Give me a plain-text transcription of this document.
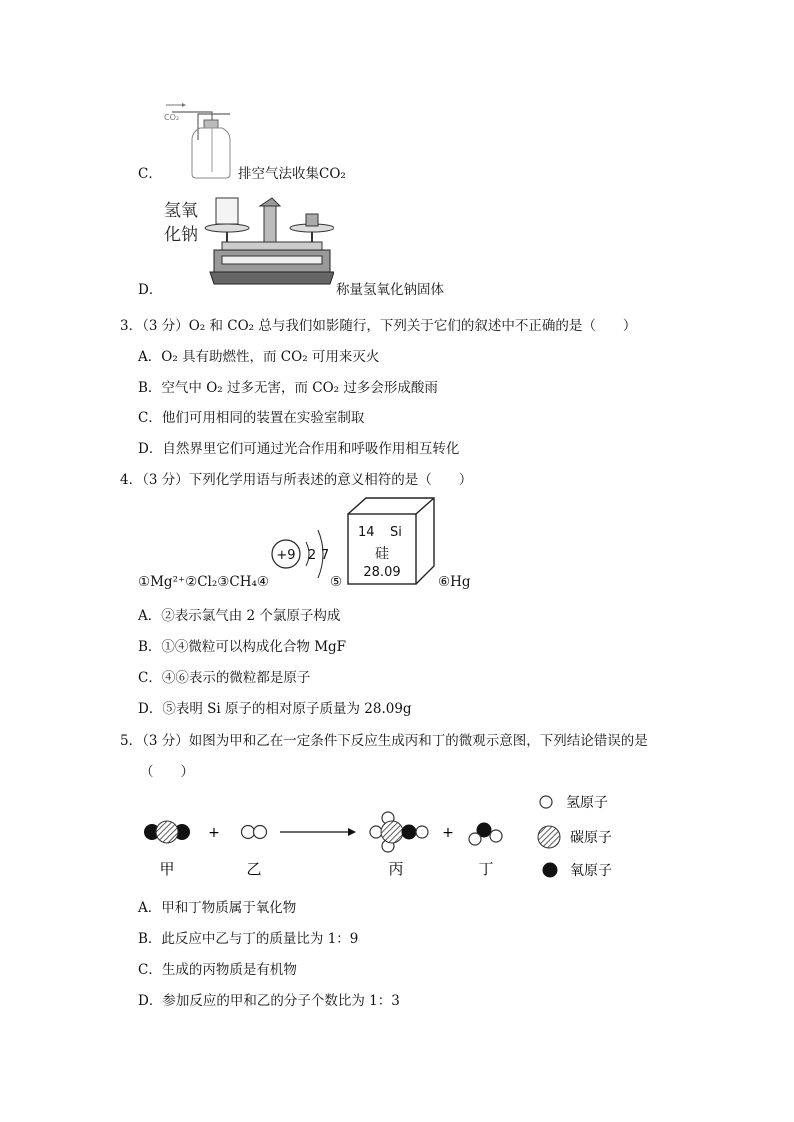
C．
CO₂
排空气法收集CO₂
D．
氢氧
化钠
称量氢氧化钠固体
3．（3 分）O₂ 和 CO₂ 总与我们如影随行，下列关于它们的叙述中不正确的是（　　）
A．O₂ 具有助燃性，而 CO₂ 可用来灭火
B．空气中 O₂ 过多无害，而 CO₂ 过多会形成酸雨
C．他们可用相同的装置在实验室制取
D．自然界里它们可通过光合作用和呼吸作用相互转化
4．（3 分）下列化学用语与所表述的意义相符的是（　　）
①Mg²⁺②Cl₂③CH₄④
+9 2 7
⑤
14 Si
硅
28.09
⑥Hg
A．②表示氯气由 2 个氯原子构成
B．①④微粒可以构成化合物 MgF
C．④⑥表示的微粒都是原子
D．⑤表明 Si 原子的相对原子质量为 28.09g
5．（3 分）如图为甲和乙在一定条件下反应生成丙和丁的微观示意图，下列结论错误的是
（　　）
+	+
甲	乙	丙	丁
氢原子
碳原子
氧原子
A．甲和丁物质属于氧化物
B．此反应中乙与丁的质量比为 1：9
C．生成的丙物质是有机物
D．参加反应的甲和乙的分子个数比为 1：3
